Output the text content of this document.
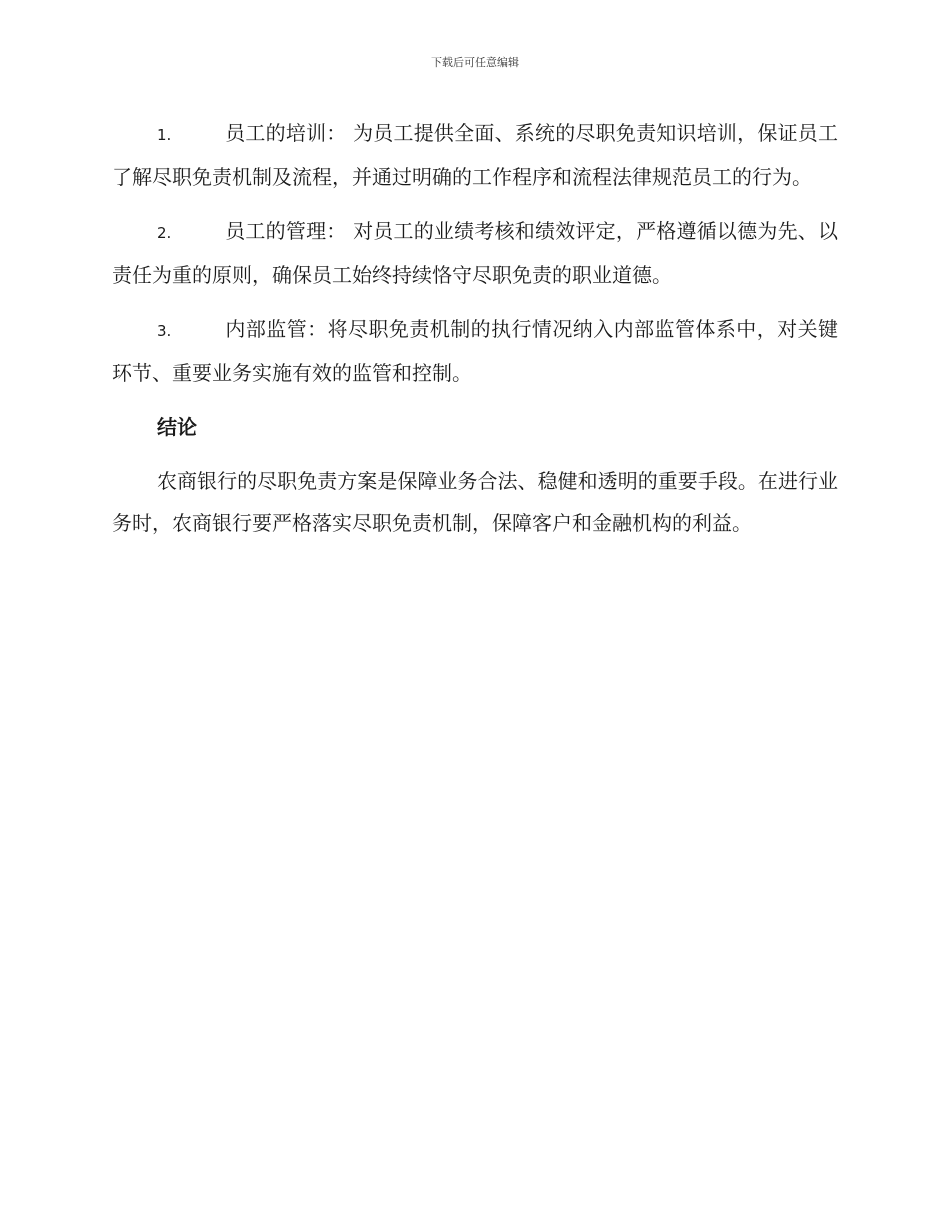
下载后可任意编辑

1.	员工的培训： 为员工提供全面、系统的尽职免责知识培训，保证员工了解尽职免责机制及流程，并通过明确的工作程序和流程法律规范员工的行为。

2.	员工的管理： 对员工的业绩考核和绩效评定，严格遵循以德为先、以责任为重的原则，确保员工始终持续恪守尽职免责的职业道德。

3.	内部监管：将尽职免责机制的执行情况纳入内部监管体系中，对关键环节、重要业务实施有效的监管和控制。

结论

农商银行的尽职免责方案是保障业务合法、稳健和透明的重要手段。在进行业务时，农商银行要严格落实尽职免责机制，保障客户和金融机构的利益。
